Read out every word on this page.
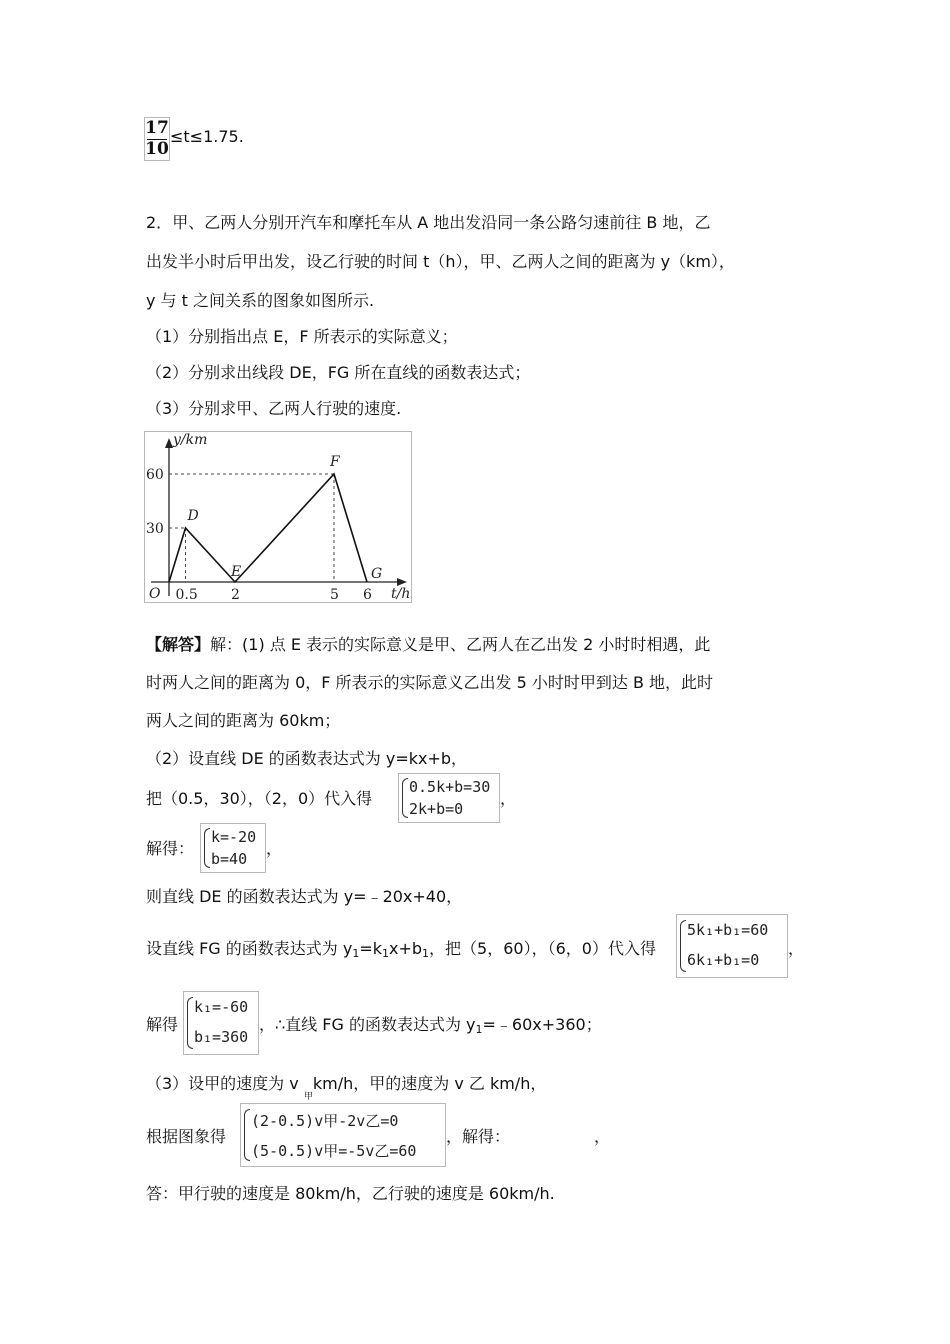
17
10
≤t≤1.75.
2．甲、乙两人分别开汽车和摩托车从 A 地出发沿同一条公路匀速前往 B 地，乙
出发半小时后甲出发，设乙行驶的时间 t（h），甲、乙两人之间的距离为 y（km），
y 与 t 之间关系的图象如图所示.
（1）分别指出点 E，F 所表示的实际意义；
（2）分别求出线段 DE，FG 所在直线的函数表达式；
（3）分别求甲、乙两人行驶的速度.
D
E
F
G
O 0.5 2	5 6
30
60
y/km
t/h
【解答】解：(1) 点 E 表示的实际意义是甲、乙两人在乙出发 2 小时时相遇，此
时两人之间的距离为 0，F 所表示的实际意义乙出发 5 小时时甲到达 B 地，此时
两人之间的距离为 60km；
（2）设直线 DE 的函数表达式为 y=kx+b，
把（0.5，30），（2，0）代入得
0.5k+b=30
2k+b=0
，
解得：
k=-20
b=40
，
则直线 DE 的函数表达式为 y=﹣20x+40，
设直线 FG 的函数表达式为 $y_1=k_1x+b_1$，把（5，60），（6，0）代入得
5k₁+b₁=60
6k₁+b₁=0
，
解得
k₁=-60
b₁=360
，∴直线 FG 的函数表达式为 $y_1=﹣60x+360$；
（3）设甲的速度为 v $_甲$km/h，甲的速度为 v 乙 km/h，
根据图象得
(2-0.5)v甲-2v乙=0
(5-0.5)v甲=-5v乙=60
，解得：	，
答：甲行驶的速度是 80km/h，乙行驶的速度是 60km/h.
